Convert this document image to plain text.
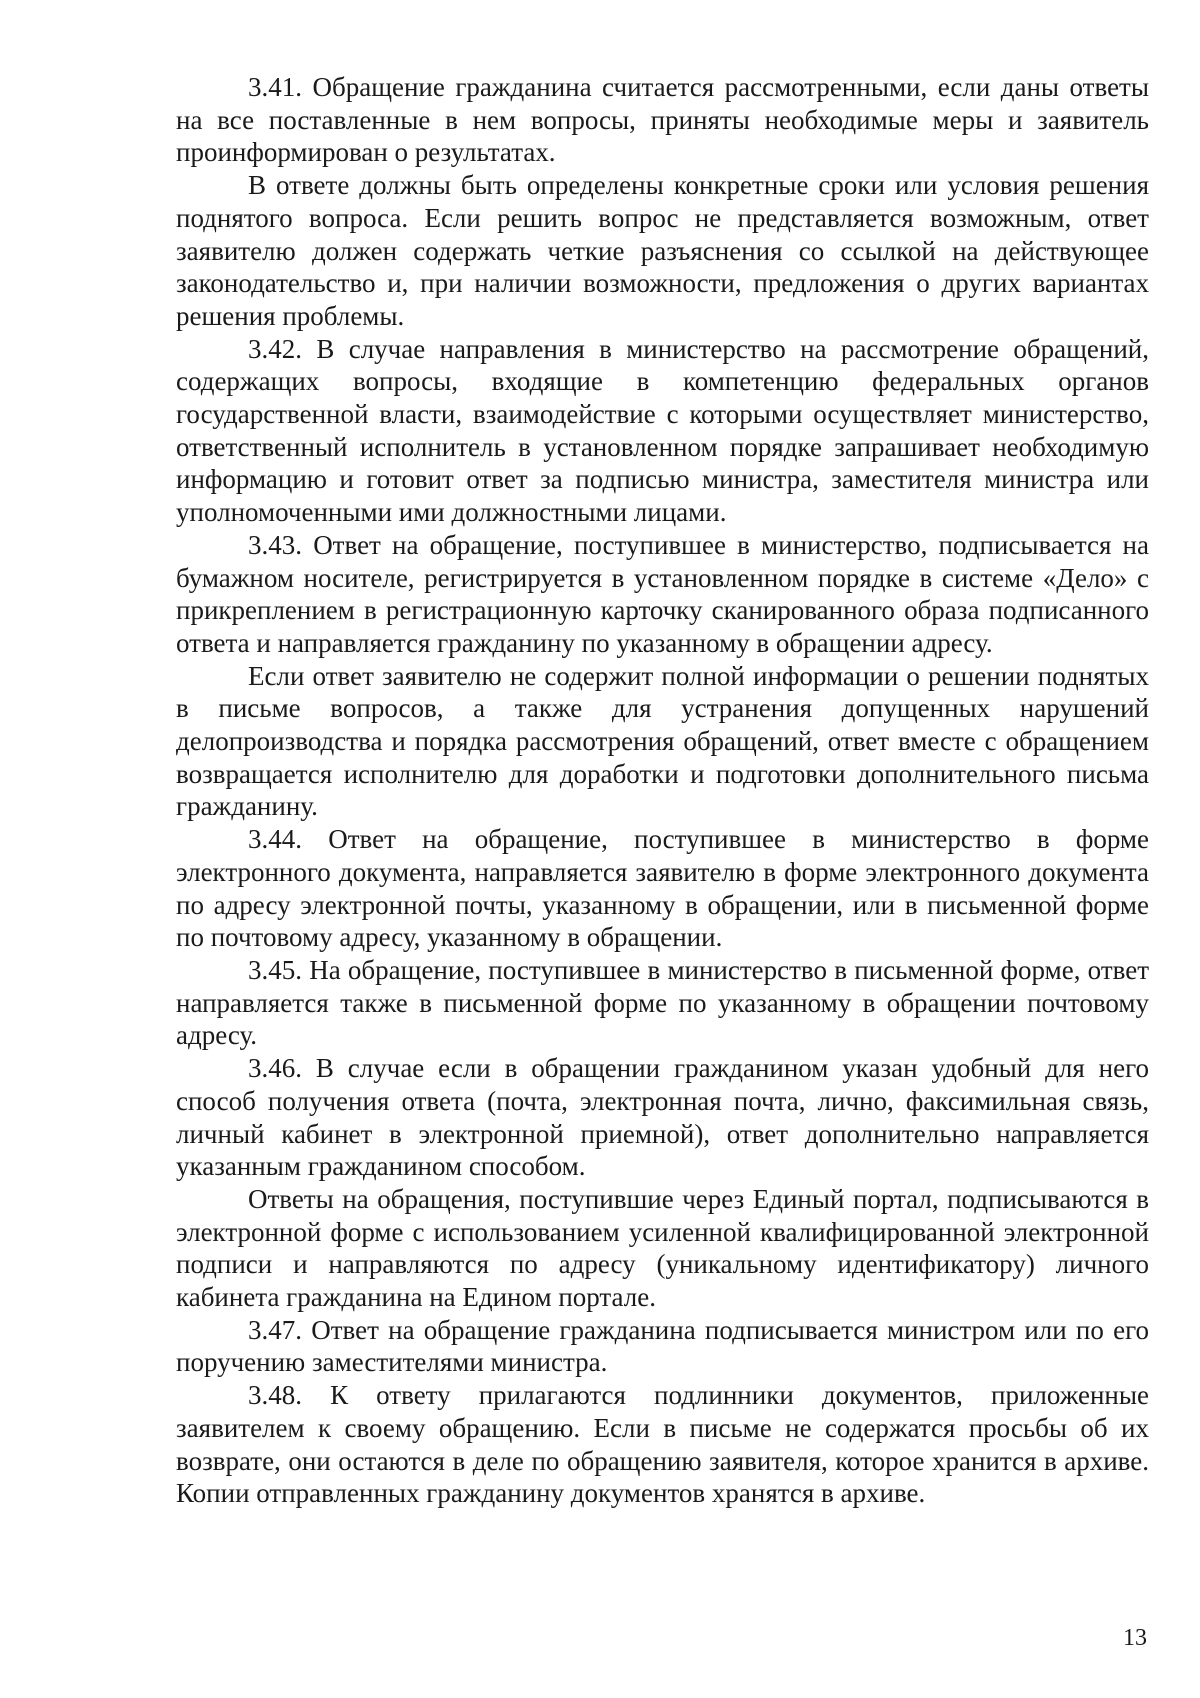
3.41. Обращение гражданина считается рассмотренными, если даны ответы на все поставленные в нем вопросы, приняты необходимые меры и заявитель проинформирован о результатах.

В ответе должны быть определены конкретные сроки или условия решения поднятого вопроса. Если решить вопрос не представляется возможным, ответ заявителю должен содержать четкие разъяснения со ссылкой на действующее законодательство и, при наличии возможности, предложения о других вариантах решения проблемы.

3.42. В случае направления в министерство на рассмотрение обращений, содержащих вопросы, входящие в компетенцию федеральных органов государственной власти, взаимодействие с которыми осуществляет министерство, ответственный исполнитель в установленном порядке запрашивает необходимую информацию и готовит ответ за подписью министра, заместителя министра или уполномоченными ими должностными лицами.

3.43. Ответ на обращение, поступившее в министерство, подписывается на бумажном носителе, регистрируется в установленном порядке в системе «Дело» с прикреплением в регистрационную карточку сканированного образа подписанного ответа и направляется гражданину по указанному в обращении адресу.

Если ответ заявителю не содержит полной информации о решении поднятых в письме вопросов, а также для устранения допущенных нарушений делопроизводства и порядка рассмотрения обращений, ответ вместе с обращением возвращается исполнителю для доработки и подготовки дополнительного письма гражданину.

3.44. Ответ на обращение, поступившее в министерство в форме электронного документа, направляется заявителю в форме электронного документа по адресу электронной почты, указанному в обращении, или в письменной форме по почтовому адресу, указанному в обращении.

3.45. На обращение, поступившее в министерство в письменной форме, ответ направляется также в письменной форме по указанному в обращении почтовому адресу.

3.46. В случае если в обращении гражданином указан удобный для него способ получения ответа (почта, электронная почта, лично, факсимильная связь, личный кабинет в электронной приемной), ответ дополнительно направляется указанным гражданином способом.

Ответы на обращения, поступившие через Единый портал, подписываются в электронной форме с использованием усиленной квалифицированной электронной подписи и направляются по адресу (уникальному идентификатору) личного кабинета гражданина на Едином портале.

3.47. Ответ на обращение гражданина подписывается министром или по его поручению заместителями министра.

3.48. К ответу прилагаются подлинники документов, приложенные заявителем к своему обращению. Если в письме не содержатся просьбы об их возврате, они остаются в деле по обращению заявителя, которое хранится в архиве. Копии отправленных гражданину документов хранятся в архиве.

13
